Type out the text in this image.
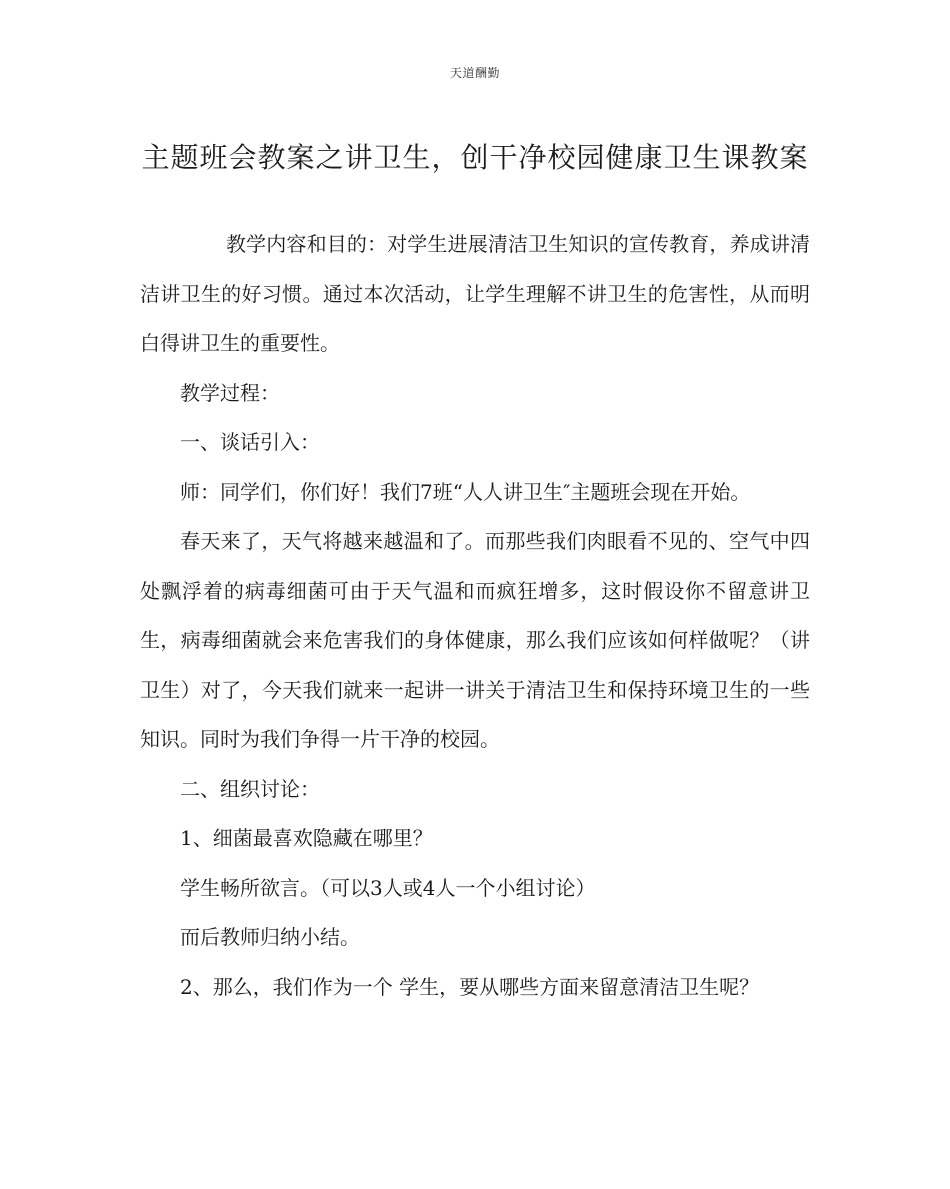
天道酬勤
主题班会教案之讲卫生，创干净校园健康卫生课教案

教学内容和目的：对学生进展清洁卫生知识的宣传教育，养成讲清洁讲卫生的好习惯。通过本次活动，让学生理解不讲卫生的危害性，从而明白得讲卫生的重要性。

教学过程：

一、谈话引入：

师：同学们，你们好！我们7班“人人讲卫生″主题班会现在开始。

春天来了，天气将越来越温和了。而那些我们肉眼看不见的、空气中四处飘浮着的病毒细菌可由于天气温和而疯狂增多，这时假设你不留意讲卫生，病毒细菌就会来危害我们的身体健康，那么我们应该如何样做呢？（讲卫生）对了，今天我们就来一起讲一讲关于清洁卫生和保持环境卫生的一些知识。同时为我们争得一片干净的校园。

二、组织讨论：

1、细菌最喜欢隐藏在哪里？

学生畅所欲言。（可以3人或4人一个小组讨论）

而后教师归纳小结。

2、那么，我们作为一个 学生，要从哪些方面来留意清洁卫生呢？
